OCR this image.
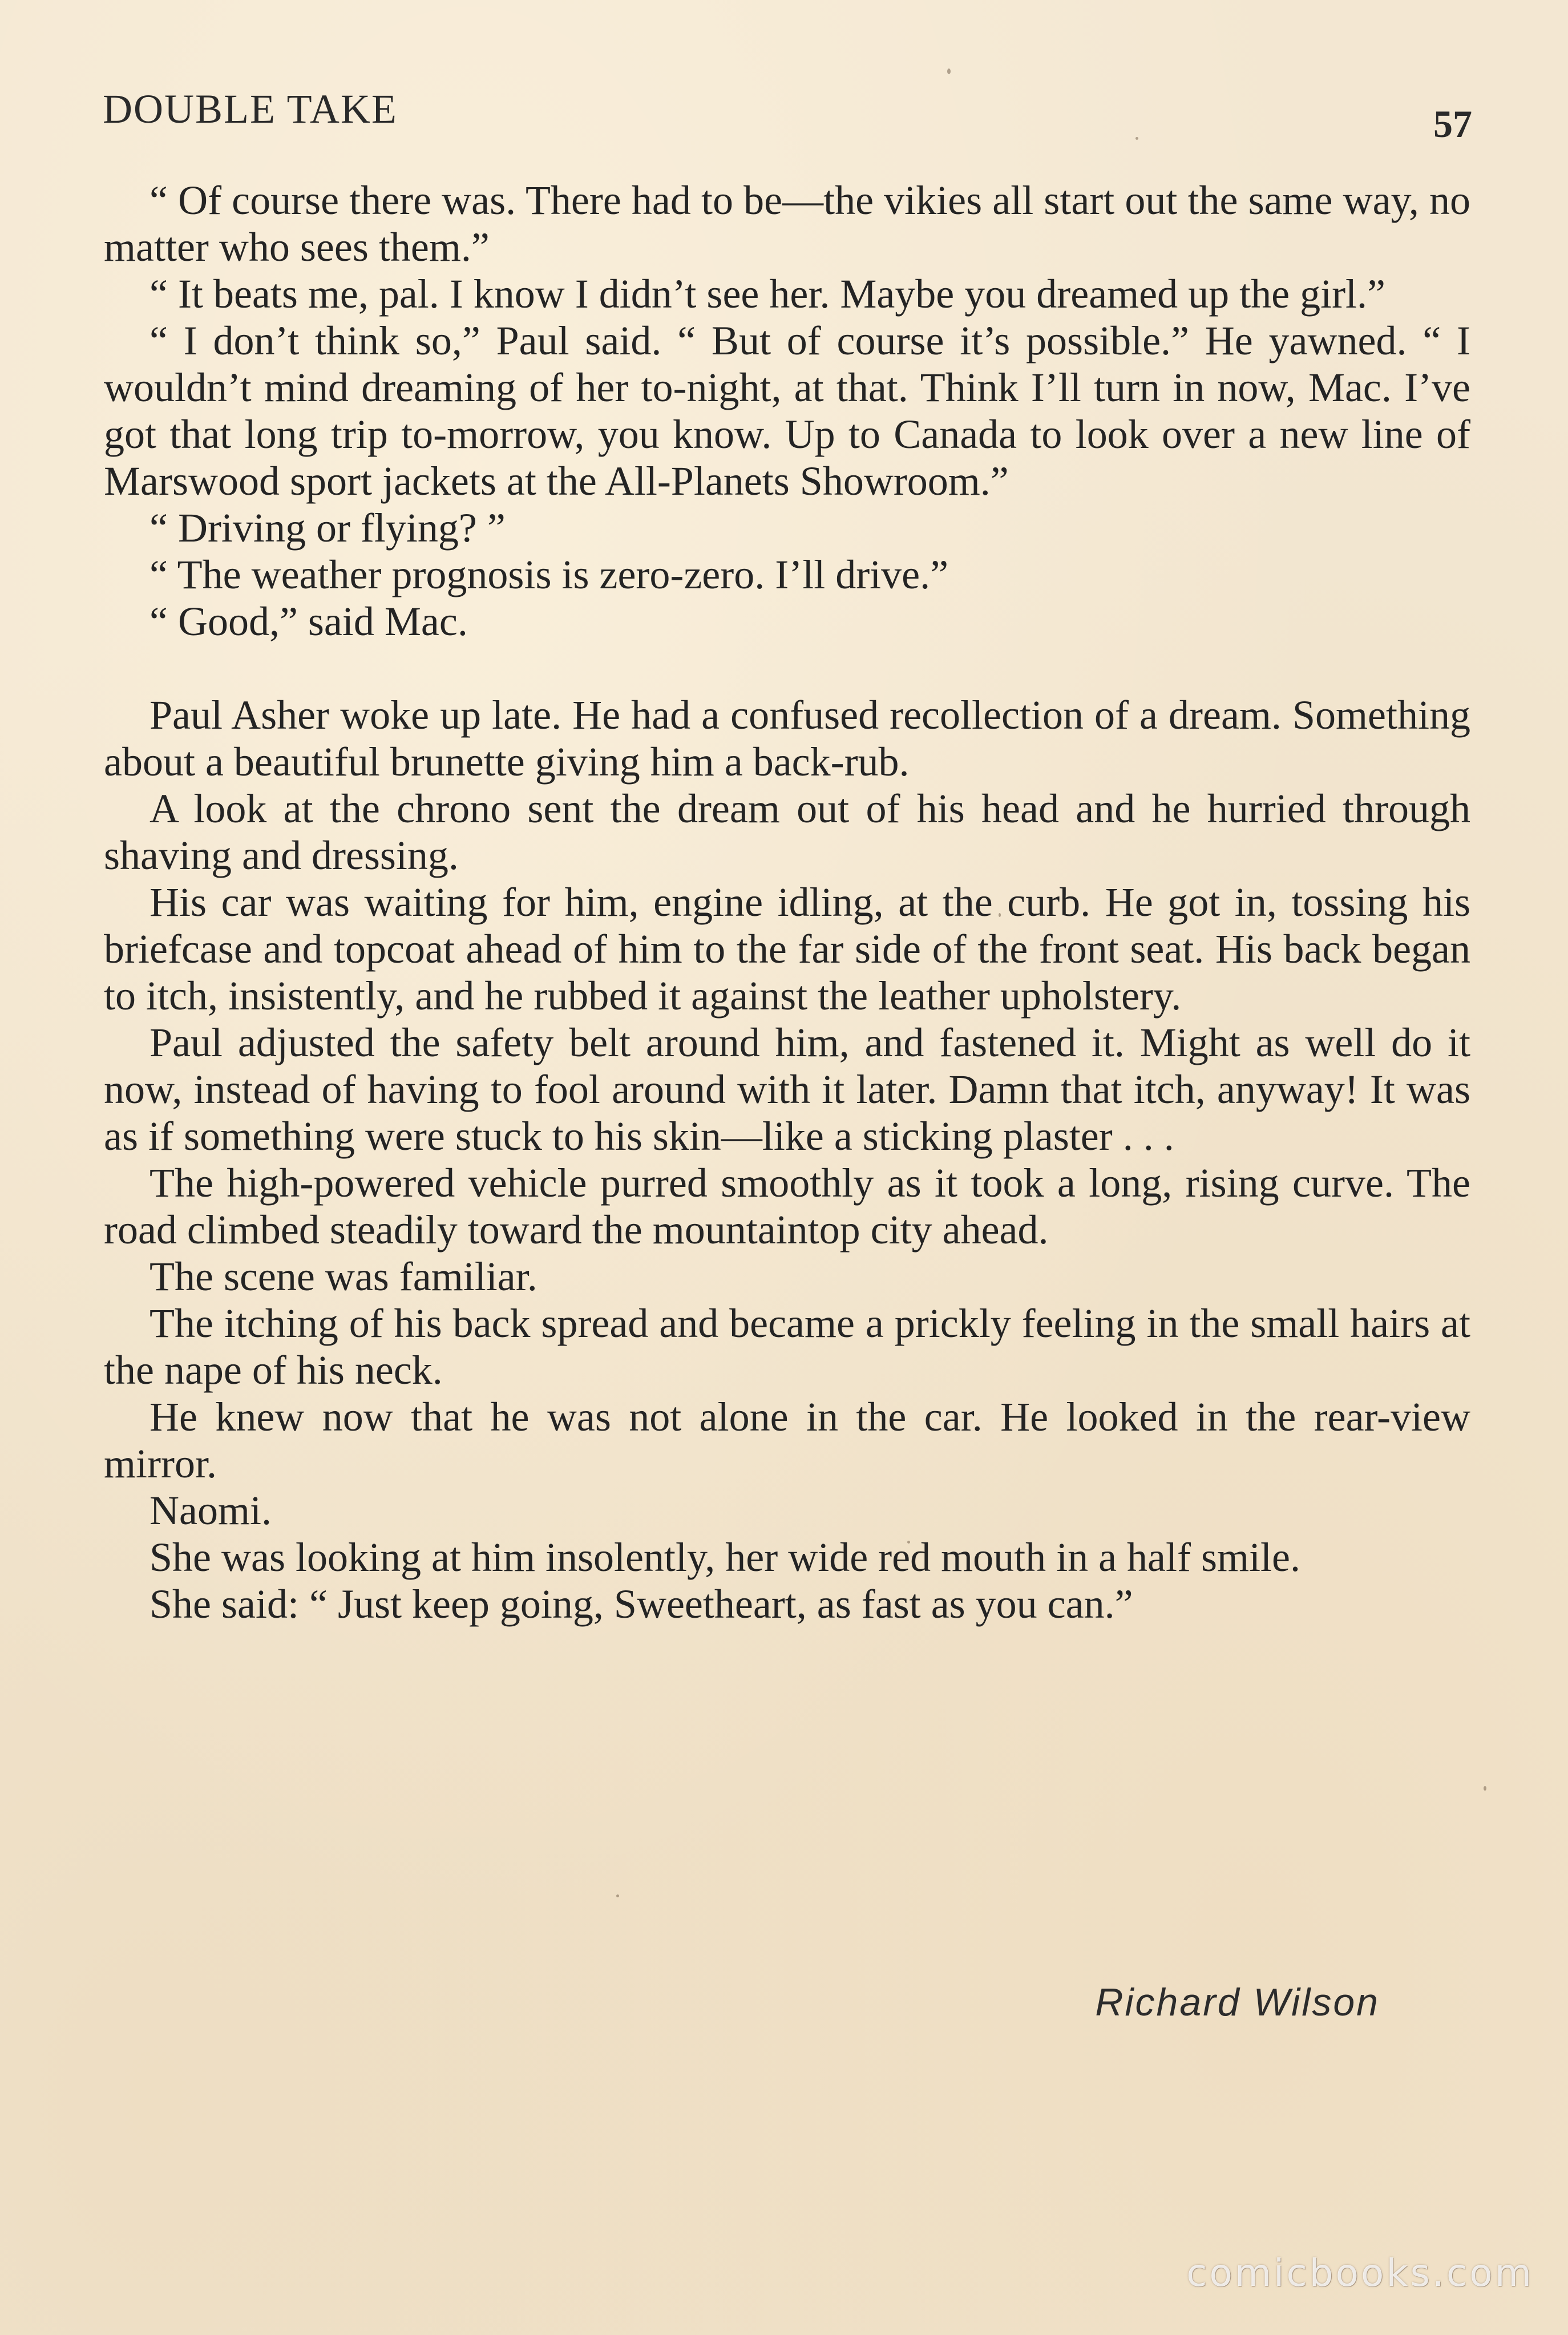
DOUBLE TAKE	57

“ Of course there was. There had to be—the vikies all start out the same way, no matter who sees them.”

“ It beats me, pal. I know I didn’t see her. Maybe you dreamed up the girl.”

“ I don’t think so,” Paul said. “ But of course it’s possible.” He yawned. “ I wouldn’t mind dreaming of her to-night, at that. Think I’ll turn in now, Mac. I’ve got that long trip to-morrow, you know. Up to Canada to look over a new line of Marswood sport jackets at the All-Planets Showroom.”

“ Driving or flying? ”

“ The weather prognosis is zero-zero. I’ll drive.”

“ Good,” said Mac.

Paul Asher woke up late. He had a confused recollection of a dream. Something about a beautiful brunette giving him a back-rub.

A look at the chrono sent the dream out of his head and he hurried through shaving and dressing.

His car was waiting for him, engine idling, at the curb. He got in, tossing his briefcase and topcoat ahead of him to the far side of the front seat. His back began to itch, insistently, and he rubbed it against the leather upholstery.

Paul adjusted the safety belt around him, and fastened it. Might as well do it now, instead of having to fool around with it later. Damn that itch, anyway! It was as if something were stuck to his skin—like a sticking plaster . . .

The high-powered vehicle purred smoothly as it took a long, rising curve. The road climbed steadily toward the mountaintop city ahead.

The scene was familiar.

The itching of his back spread and became a prickly feeling in the small hairs at the nape of his neck.

He knew now that he was not alone in the car. He looked in the rear-view mirror.

Naomi.

She was looking at him insolently, her wide red mouth in a half smile.

She said: “ Just keep going, Sweetheart, as fast as you can.”

Richard Wilson
comicbooks.com
